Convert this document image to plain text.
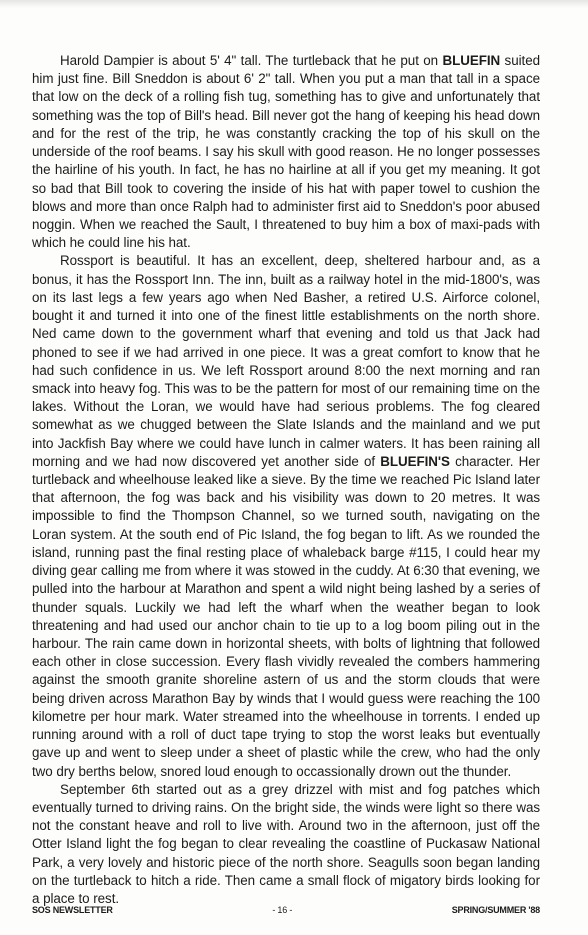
Harold Dampier is about 5' 4" tall. The turtleback that he put on BLUEFIN suited him just fine. Bill Sneddon is about 6' 2" tall. When you put a man that tall in a space that low on the deck of a rolling fish tug, something has to give and unfortunately that something was the top of Bill's head. Bill never got the hang of keeping his head down and for the rest of the trip, he was constantly cracking the top of his skull on the underside of the roof beams. I say his skull with good reason. He no longer possesses the hairline of his youth. In fact, he has no hairline at all if you get my meaning. It got so bad that Bill took to covering the inside of his hat with paper towel to cushion the blows and more than once Ralph had to administer first aid to Sneddon's poor abused noggin. When we reached the Sault, I threatened to buy him a box of maxi-pads with which he could line his hat.

Rossport is beautiful. It has an excellent, deep, sheltered harbour and, as a bonus, it has the Rossport Inn. The inn, built as a railway hotel in the mid-1800's, was on its last legs a few years ago when Ned Basher, a retired U.S. Airforce colonel, bought it and turned it into one of the finest little establishments on the north shore. Ned came down to the government wharf that evening and told us that Jack had phoned to see if we had arrived in one piece. It was a great comfort to know that he had such confidence in us. We left Rossport around 8:00 the next morning and ran smack into heavy fog. This was to be the pattern for most of our remaining time on the lakes. Without the Loran, we would have had serious problems. The fog cleared somewhat as we chugged between the Slate Islands and the mainland and we put into Jackfish Bay where we could have lunch in calmer waters. It has been raining all morning and we had now discovered yet another side of BLUEFIN'S character. Her turtleback and wheelhouse leaked like a sieve. By the time we reached Pic Island later that afternoon, the fog was back and his visibility was down to 20 metres. It was impossible to find the Thompson Channel, so we turned south, navigating on the Loran system. At the south end of Pic Island, the fog began to lift. As we rounded the island, running past the final resting place of whaleback barge #115, I could hear my diving gear calling me from where it was stowed in the cuddy. At 6:30 that evening, we pulled into the harbour at Marathon and spent a wild night being lashed by a series of thunder squals. Luckily we had left the wharf when the weather began to look threatening and had used our anchor chain to tie up to a log boom piling out in the harbour. The rain came down in horizontal sheets, with bolts of lightning that followed each other in close succession. Every flash vividly revealed the combers hammering against the smooth granite shoreline astern of us and the storm clouds that were being driven across Marathon Bay by winds that I would guess were reaching the 100 kilometre per hour mark. Water streamed into the wheelhouse in torrents. I ended up running around with a roll of duct tape trying to stop the worst leaks but eventually gave up and went to sleep under a sheet of plastic while the crew, who had the only two dry berths below, snored loud enough to occassionally drown out the thunder.

September 6th started out as a grey drizzel with mist and fog patches which eventually turned to driving rains. On the bright side, the winds were light so there was not the constant heave and roll to live with. Around two in the afternoon, just off the Otter Island light the fog began to clear revealing the coastline of Puckasaw National Park, a very lovely and historic piece of the north shore. Seagulls soon began landing on the turtleback to hitch a ride. Then came a small flock of migatory birds looking for a place to rest.

SOS NEWSLETTER	- 16 -	SPRING/SUMMER '88
